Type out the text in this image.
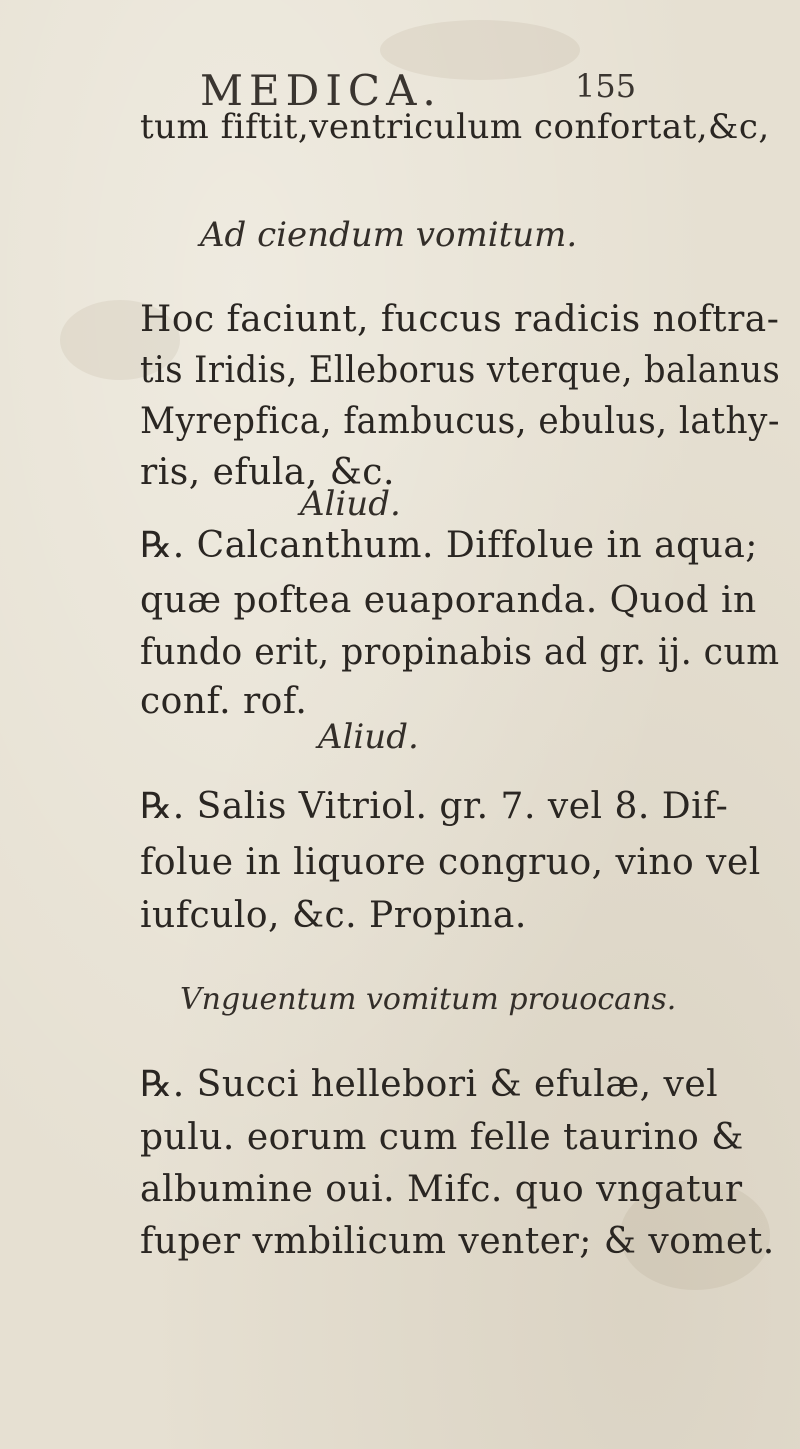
MEDICA.	155
tum fiftit,ventriculum confortat,&c,
Ad ciendum vomitum.
Hoc faciunt, fuccus radicis noftra-
tis Iridis, Elleborus vterque, balanus
Myrepfica, fambucus, ebulus, lathy-
ris, efula, &c.
Aliud.
℞. Calcanthum. Diffolue in aqua;
quæ poftea euaporanda. Quod in
fundo erit, propinabis ad gr. ij. cum
conf. rof.
Aliud.
℞. Salis Vitriol. gr. 7. vel 8. Dif-
folue in liquore congruo, vino vel
iufculo, &c. Propina.
Vnguentum vomitum prouocans.
℞. Succi hellebori & efulæ, vel
pulu. eorum cum felle taurino &
albumine oui. Mifc. quo vngatur
fuper vmbilicum venter; & vomet.
